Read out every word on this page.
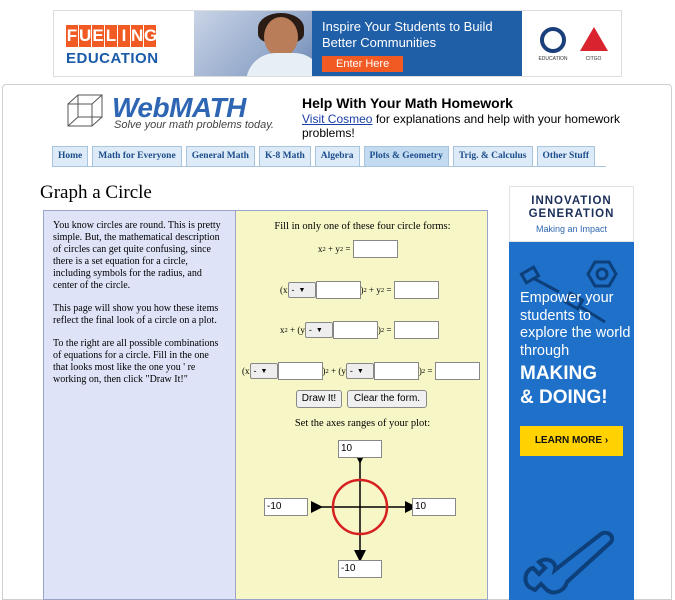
F U E L I N G
EDUCATION
Inspire Your Students to Build Better Communities
Enter Here	EDUCATION	CITGO
WebMATH
Solve your math problems today.
Help With Your Math Homework
Visit Cosmeo for explanations and help with your homework problems!
Home	Math for Everyone	General Math	K-8 Math	Algebra	Plots & Geometry	Trig. & Calculus	Other Stuff
Graph a Circle

You know circles are round. This is pretty simple. But, the mathematical description of circles can get quite confusing, since there is a set equation for a circle, including symbols for the radius, and center of the circle.

This page will show you how these items reflect the final look of a circle on a plot.

To the right are all possible combinations of equations for a circle. Fill in the one that looks most like the one you ' re working on, then click "Draw It!"

Fill in only one of these four circle forms:
Set the axes ranges of your plot:
x 2
+
y 2
=

( x - ▼	) 2
+
y 2
=

x 2
+
( y - ▼	) 2
=

( x - ▼	) 2
+
( y - ▼	) 2
=

Draw It!	Clear the form.
10
-10	10
-10
INNOVATION
GENERATION
Making an Impact
Empower your students to explore the world through
MAKING
& DOING!
LEARN MORE ›
